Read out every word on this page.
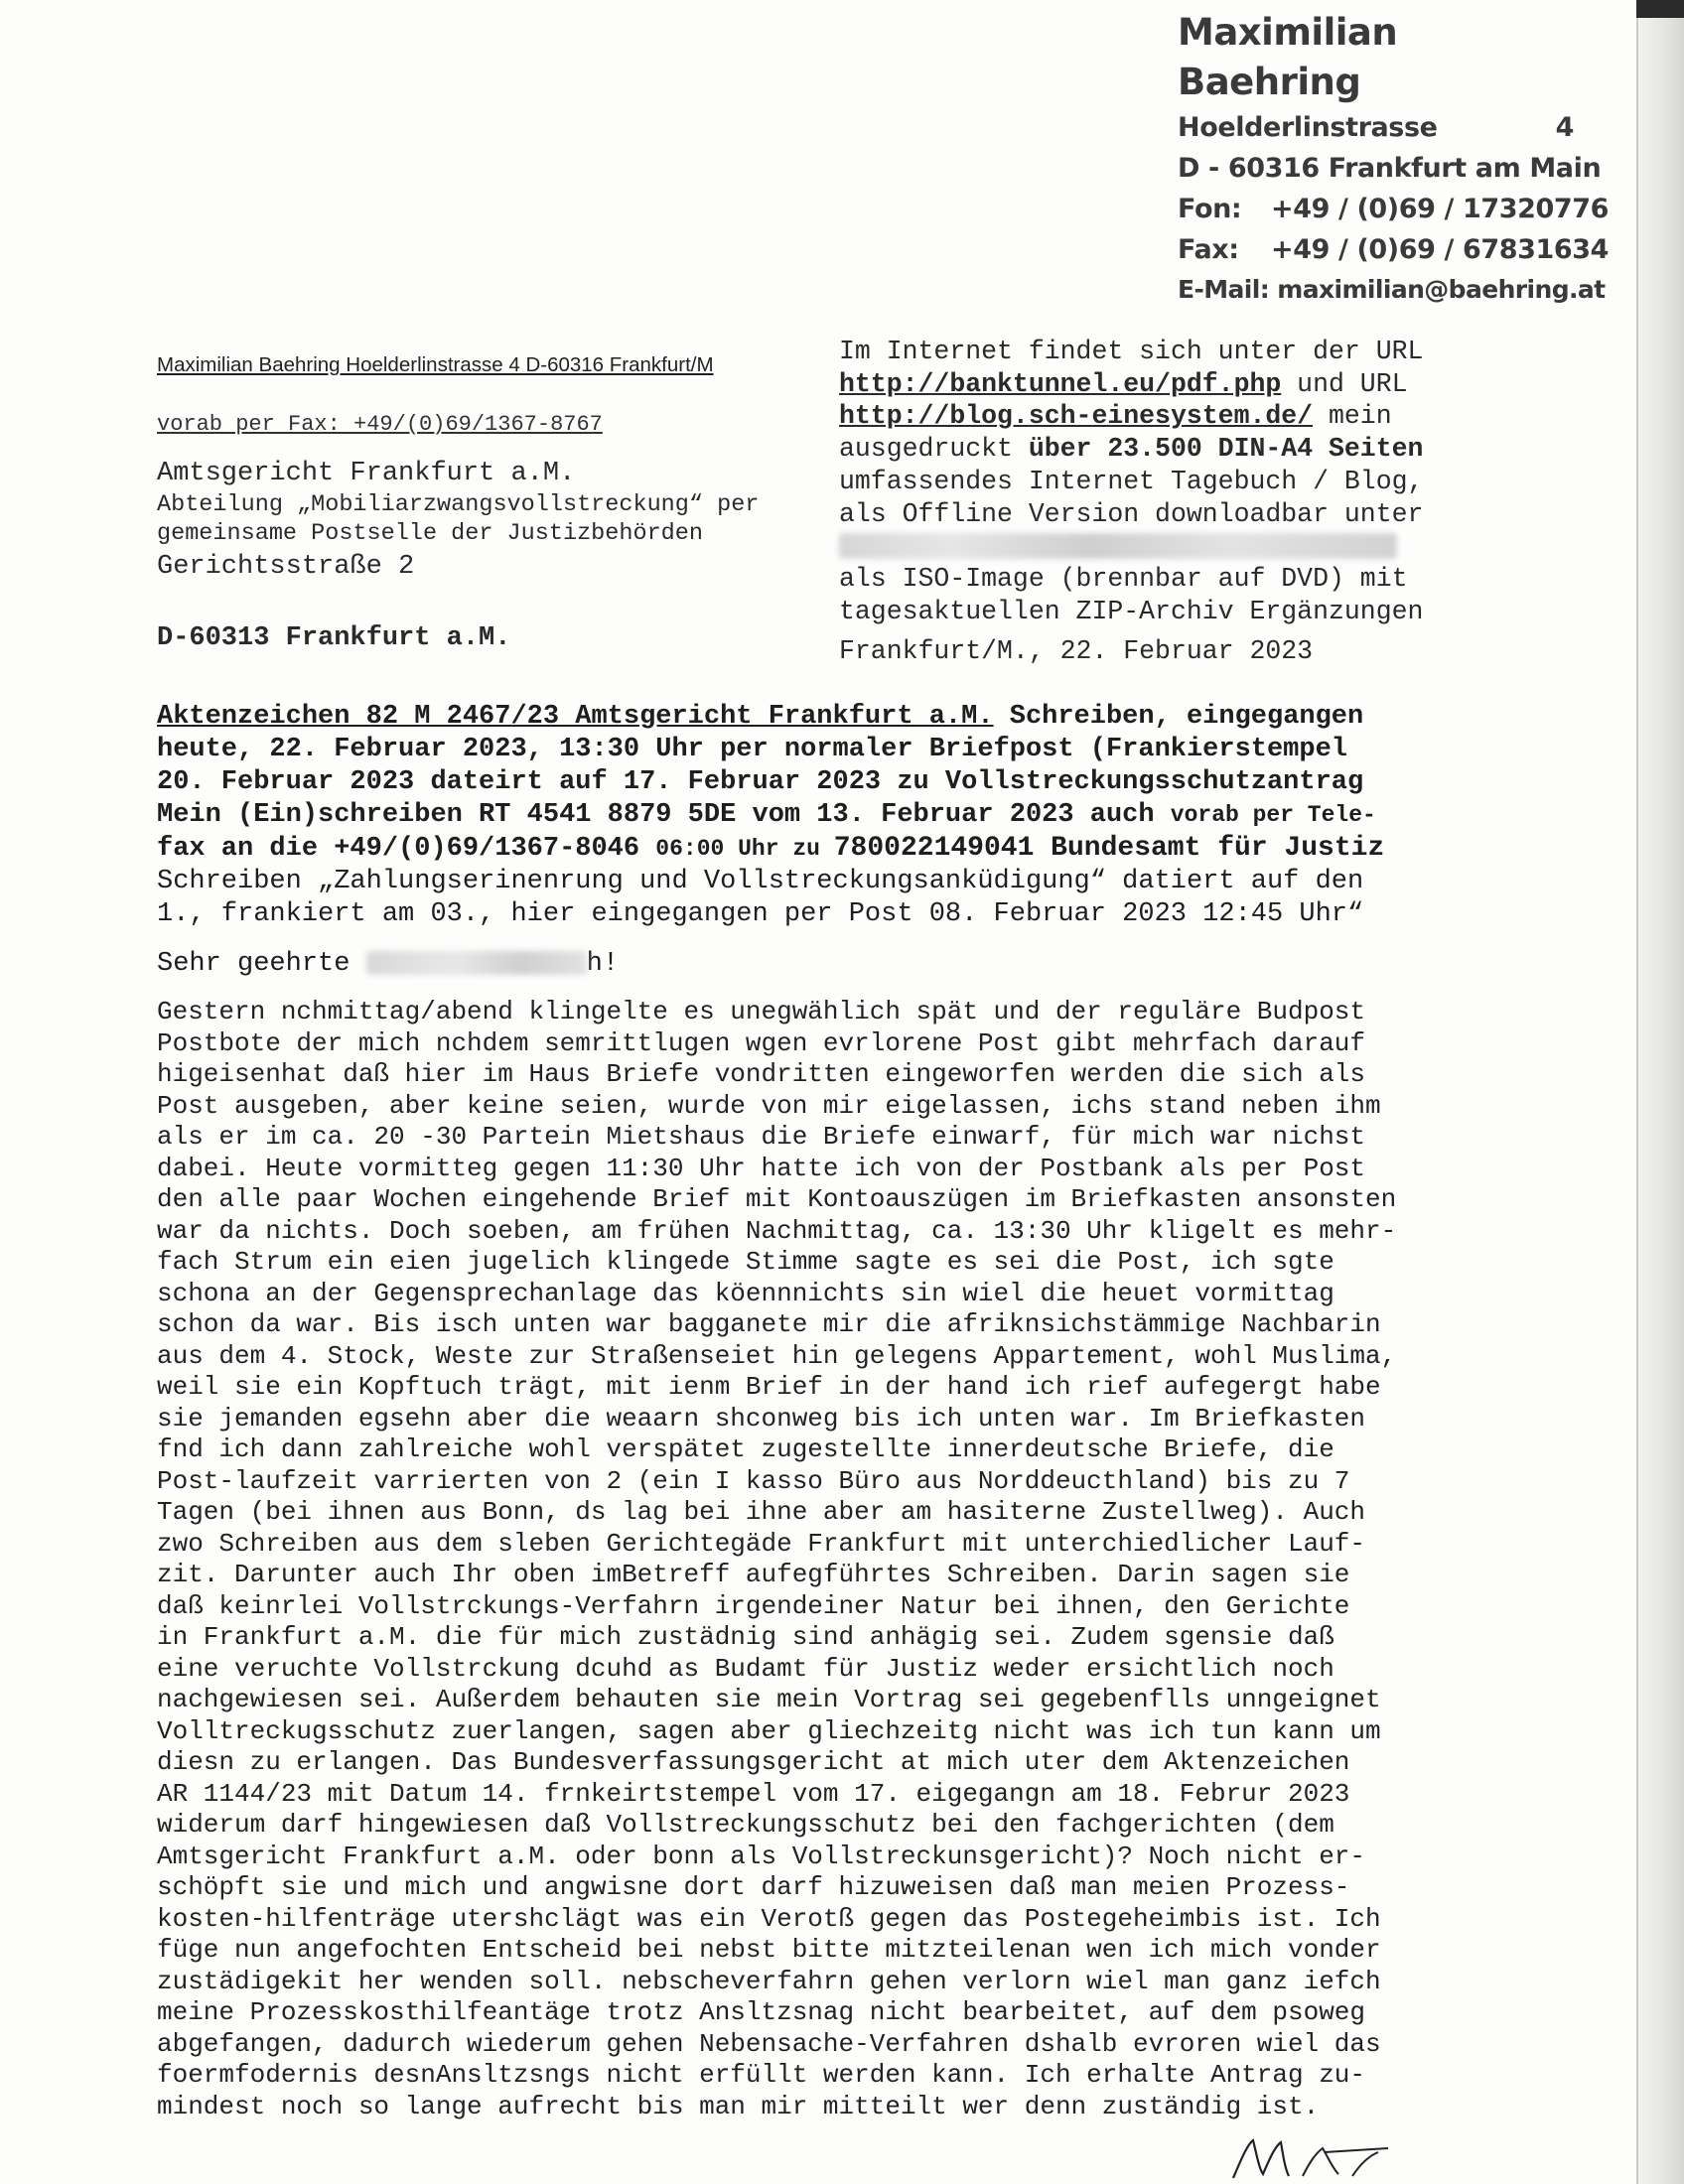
Maximilian Baehring
Hoelderlinstrasse	4
D - 60316 Frankfurt am Main
Fon: +49 / (0)69 / 17320776
Fax: +49 / (0)69 / 67831634
E-Mail: maximilian@baehring.at
Maximilian Baehring Hoelderlinstrasse 4 D-60316 Frankfurt/M
vorab per Fax: +49/(0)69/1367-8767
Amtsgericht Frankfurt a.M.
Abteilung „Mobiliarzwangsvollstreckung“ per
gemeinsame Postselle der Justizbehörden
Gerichtsstraße 2
D-60313 Frankfurt a.M.
Im Internet findet sich unter der URL
http://banktunnel.eu/pdf.php und URL
http://blog.sch-einesystem.de/ mein
ausgedruckt über 23.500 DIN-A4 Seiten
umfassendes Internet Tagebuch / Blog,
als Offline Version downloadbar unter
als ISO-Image (brennbar auf DVD) mit
tagesaktuellen ZIP-Archiv Ergänzungen
Frankfurt/M., 22. Februar 2023
Aktenzeichen 82 M 2467/23 Amtsgericht Frankfurt a.M. Schreiben, eingegangen
heute, 22. Februar 2023, 13:30 Uhr per normaler Briefpost (Frankierstempel
20. Februar 2023 dateirt auf 17. Februar 2023 zu Vollstreckungsschutzantrag
Mein (Ein)schreiben RT 4541 8879 5DE vom 13. Februar 2023 auch vorab per Tele-
fax an die +49/(0)69/1367-8046 06:00 Uhr zu 780022149041 Bundesamt für Justiz
Schreiben „Zahlungserinenrung und Vollstreckungsanküdigung“ datiert auf den
1., frankiert am 03., hier eingegangen per Post 08. Februar 2023 12:45 Uhr“
Sehr geehrte	h!
Gestern nchmittag/abend klingelte es unegwählich spät und der reguläre Budpost
Postbote der mich nchdem semrittlugen wgen evrlorene Post gibt mehrfach darauf
higeisenhat daß hier im Haus Briefe vondritten eingeworfen werden die sich als
Post ausgeben, aber keine seien, wurde von mir eigelassen, ichs stand neben ihm
als er im ca. 20 -30 Partein Mietshaus die Briefe einwarf, für mich war nichst
dabei. Heute vormitteg gegen 11:30 Uhr hatte ich von der Postbank als per Post
den alle paar Wochen eingehende Brief mit Kontoauszügen im Briefkasten ansonsten
war da nichts. Doch soeben, am frühen Nachmittag, ca. 13:30 Uhr kligelt es mehr-
fach Strum ein eien jugelich klingede Stimme sagte es sei die Post, ich sgte
schona an der Gegensprechanlage das köennnichts sin wiel die heuet vormittag
schon da war. Bis isch unten war bagganete mir die afriknsichstämmige Nachbarin
aus dem 4. Stock, Weste zur Straßenseiet hin gelegens Appartement, wohl Muslima,
weil sie ein Kopftuch trägt, mit ienm Brief in der hand ich rief aufegergt habe
sie jemanden egsehn aber die weaarn shconweg bis ich unten war. Im Briefkasten
fnd ich dann zahlreiche wohl verspätet zugestellte innerdeutsche Briefe, die
Post-laufzeit varrierten von 2 (ein I kasso Büro aus Norddeucthland) bis zu 7
Tagen (bei ihnen aus Bonn, ds lag bei ihne aber am hasiterne Zustellweg). Auch
zwo Schreiben aus dem sleben Gerichtegäde Frankfurt mit unterchiedlicher Lauf-
zit. Darunter auch Ihr oben imBetreff aufegführtes Schreiben. Darin sagen sie
daß keinrlei Vollstrckungs-Verfahrn irgendeiner Natur bei ihnen, den Gerichte
in Frankfurt a.M. die für mich zustädnig sind anhägig sei. Zudem sgensie daß
eine veruchte Vollstrckung dcuhd as Budamt für Justiz weder ersichtlich noch
nachgewiesen sei. Außerdem behauten sie mein Vortrag sei gegebenflls unngeignet
Volltreckugsschutz zuerlangen, sagen aber gliechzeitg nicht was ich tun kann um
diesn zu erlangen. Das Bundesverfassungsgericht at mich uter dem Aktenzeichen
AR 1144/23 mit Datum 14. frnkeirtstempel vom 17. eigegangn am 18. Februr 2023
widerum darf hingewiesen daß Vollstreckungsschutz bei den fachgerichten (dem
Amtsgericht Frankfurt a.M. oder bonn als Vollstreckunsgericht)? Noch nicht er-
schöpft sie und mich und angwisne dort darf hizuweisen daß man meien Prozess-
kosten-hilfenträge utershclägt was ein Verotß gegen das Postegeheimbis ist. Ich
füge nun angefochten Entscheid bei nebst bitte mitzteilenan wen ich mich vonder
zustädigekit her wenden soll. nebscheverfahrn gehen verlorn wiel man ganz iefch
meine Prozesskosthilfeantäge trotz Ansltzsnag nicht bearbeitet, auf dem psoweg
abgefangen, dadurch wiederum gehen Nebensache-Verfahren dshalb evroren wiel das
foermfodernis desnAnsltzsngs nicht erfüllt werden kann. Ich erhalte Antrag zu-
mindest noch so lange aufrecht bis man mir mitteilt wer denn zuständig ist.
